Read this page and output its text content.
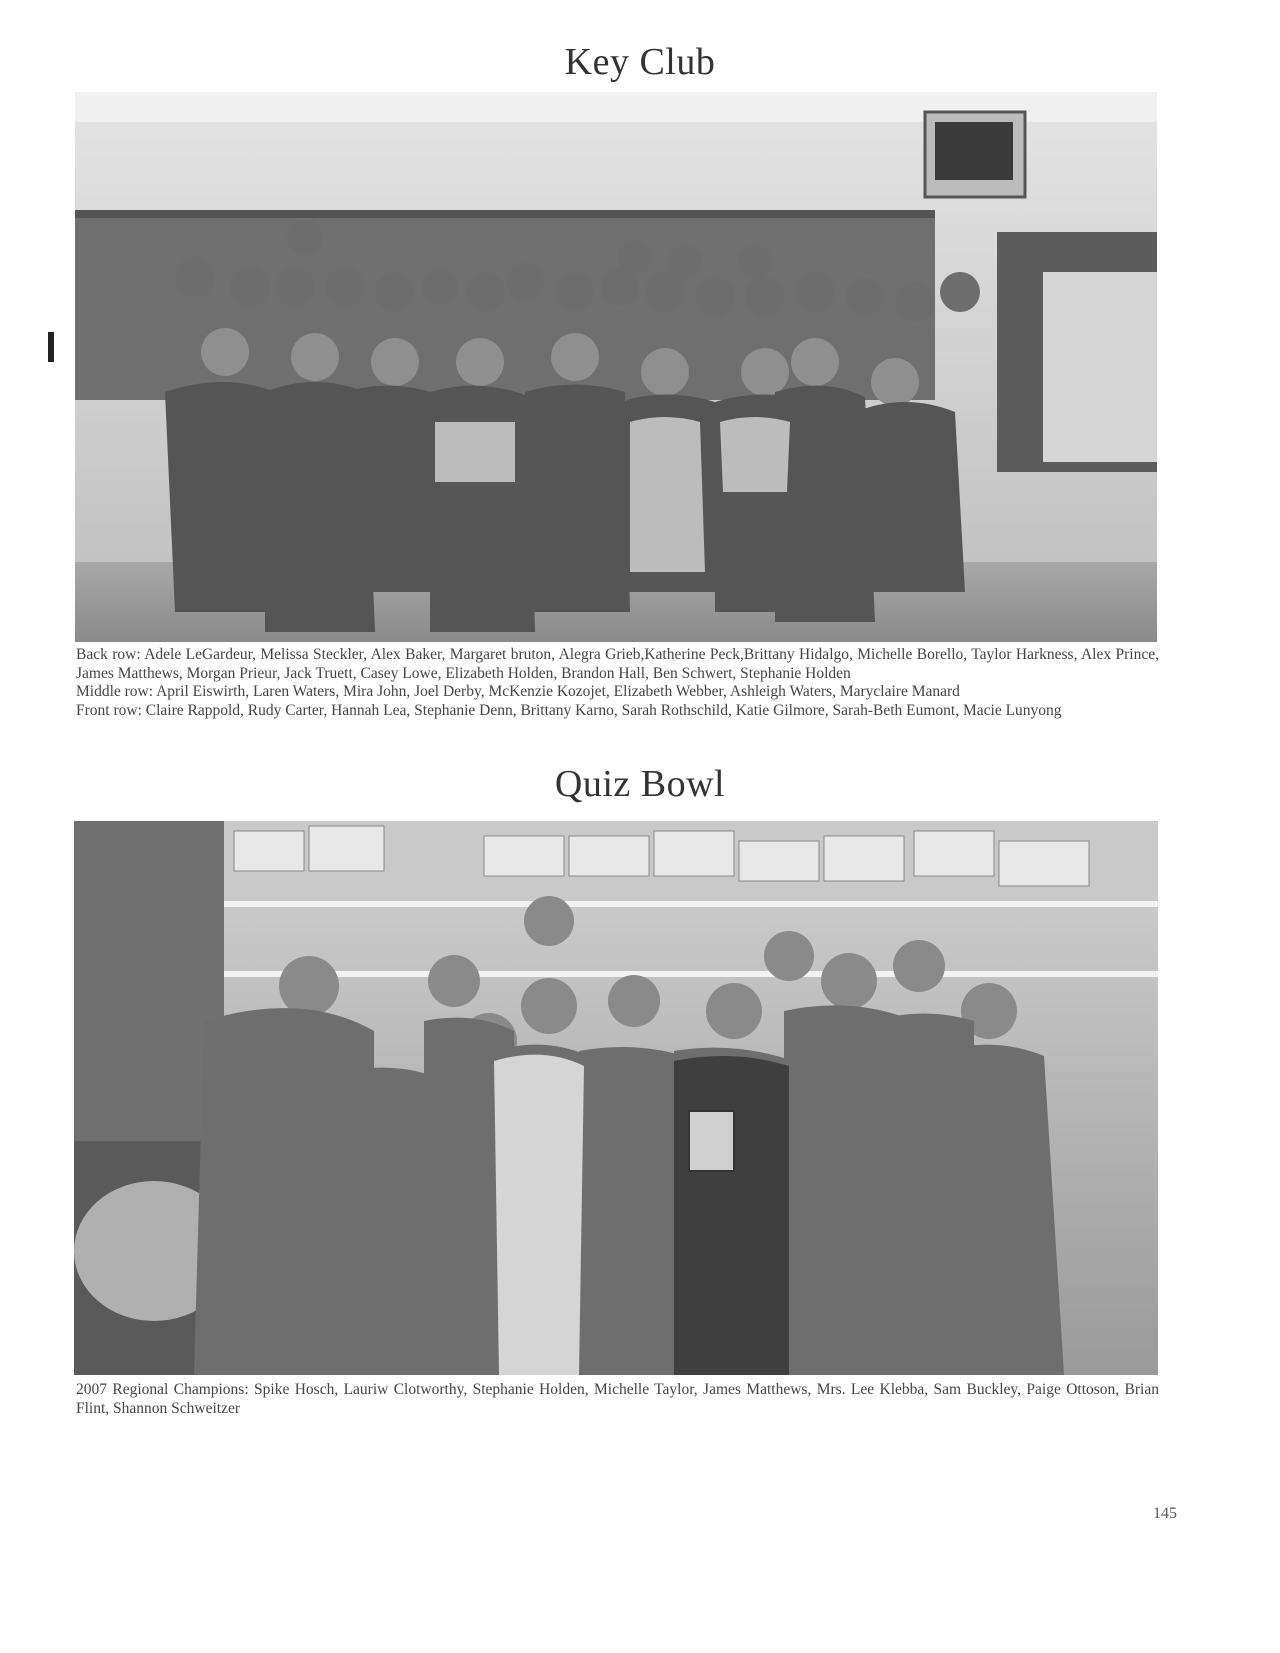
Key Club

Back row: Adele LeGardeur, Melissa Steckler, Alex Baker, Margaret bruton, Alegra Grieb,Katherine Peck,Brittany Hidalgo, Michelle Borello, Taylor Harkness, Alex Prince, James Matthews, Morgan Prieur, Jack Truett, Casey Lowe, Elizabeth Holden, Brandon Hall, Ben Schwert, Stephanie Holden

Middle row: April Eiswirth, Laren Waters, Mira John, Joel Derby, McKenzie Kozojet, Elizabeth Webber, Ashleigh Waters, Maryclaire Manard

Front row: Claire Rappold, Rudy Carter, Hannah Lea, Stephanie Denn, Brittany Karno, Sarah Rothschild, Katie Gilmore, Sarah-Beth Eumont, Macie Lunyong

Quiz Bowl

2007 Regional Champions: Spike Hosch, Lauriw Clotworthy, Stephanie Holden, Michelle Taylor, James Matthews, Mrs. Lee Klebba, Sam Buckley, Paige Ottoson, Brian Flint, Shannon Schweitzer

145
